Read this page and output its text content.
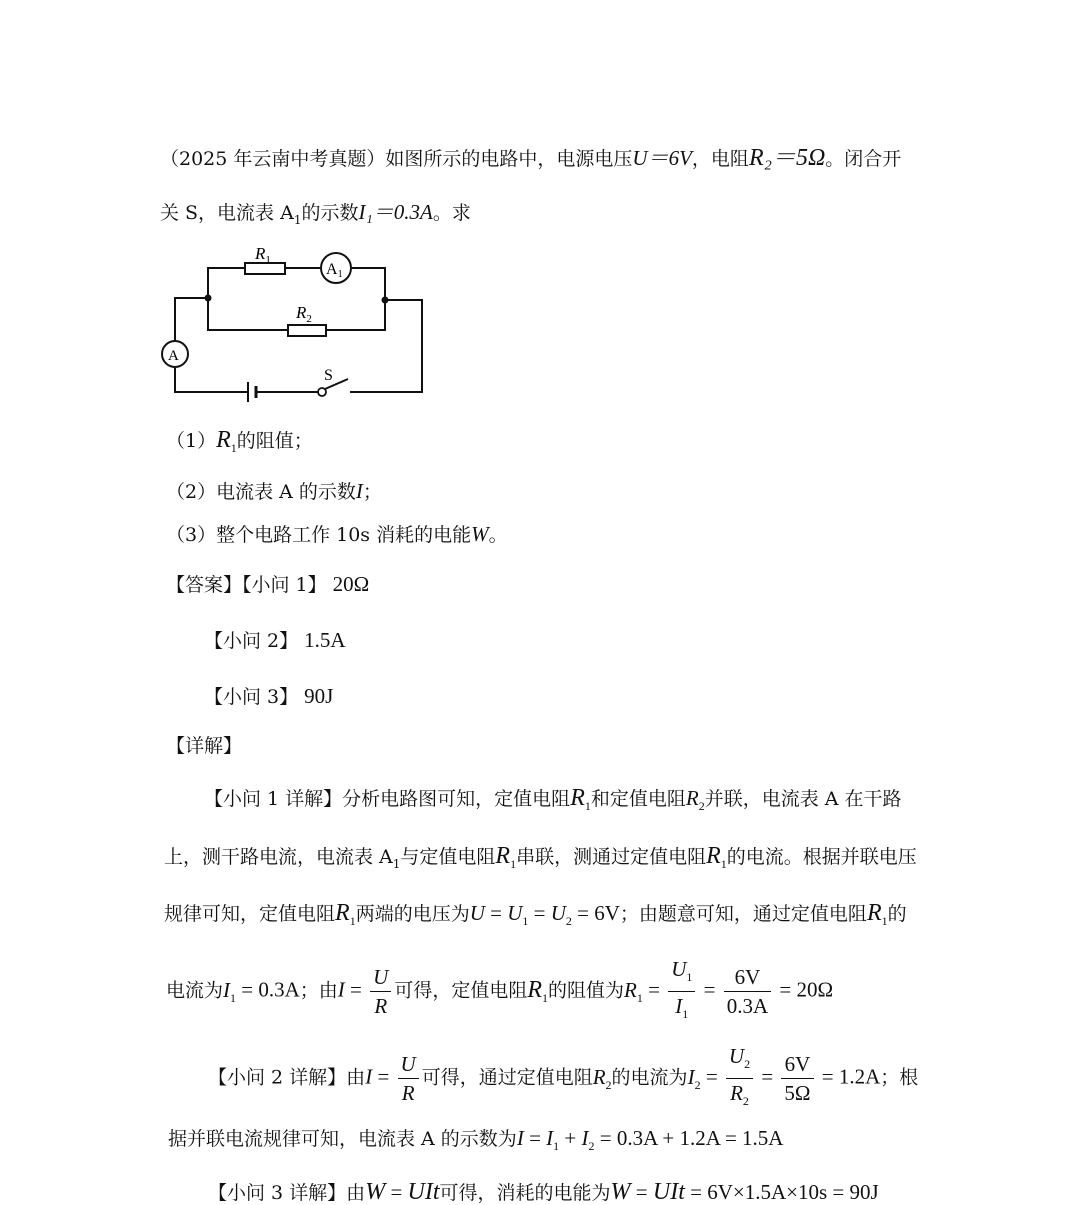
（2025 年云南中考真题）如图所示的电路中，电源电压U＝6V，电阻R₂＝5Ω。闭合开
关 S，电流表 $A_1$的示数I₁＝0.3A。求
$R_1$
A1
$R_2$
A
S
$(1)R_1$的阻值；
（2）电流表 A 的示数I；
（3）整个电路工作 10s 消耗的电能W。
【答案】【小问 1】 20Ω
【小问 2】 1.5A
【小问 3】 90J
【详解】
【小问 1 详解】分析电路图可知，定值电阻$R_1$和定值电阻$R_2$并联，电流表 A 在干路
上，测干路电流，电流表 $A_1$与定值电阻$R_1$串联，测通过定值电阻$R_1$的电流。根据并联电压
规律可知，定值电阻$R_1$两端的电压为$U = U_1 = U_2 = 6V$；由题意可知，通过定值电阻$R_1$的
电流为$I_1 = 0.3A$；由$I = \frac{U}{R}$ 可得，定值电阻$R_1$的阻值为$R_1 = \frac{U_1}{I_1} = \frac{6V}{0.3A} = 20\Omega$
【小问 2 详解】由$I = \frac{U}{R}$ 可得，通过定值电阻$R_2$的电流为$I_2 = \frac{U_2}{R_2} = \frac{6V}{5\Omega} = 1.2A$；根
据并联电流规律可知，电流表 A 的示数为$I = I_1 + I_2 = 0.3A + 1.2A = 1.5A$
【小问 3 详解】由W = UIt可得，消耗的电能为W = UIt = 6V×1.5A×10s = 90J
